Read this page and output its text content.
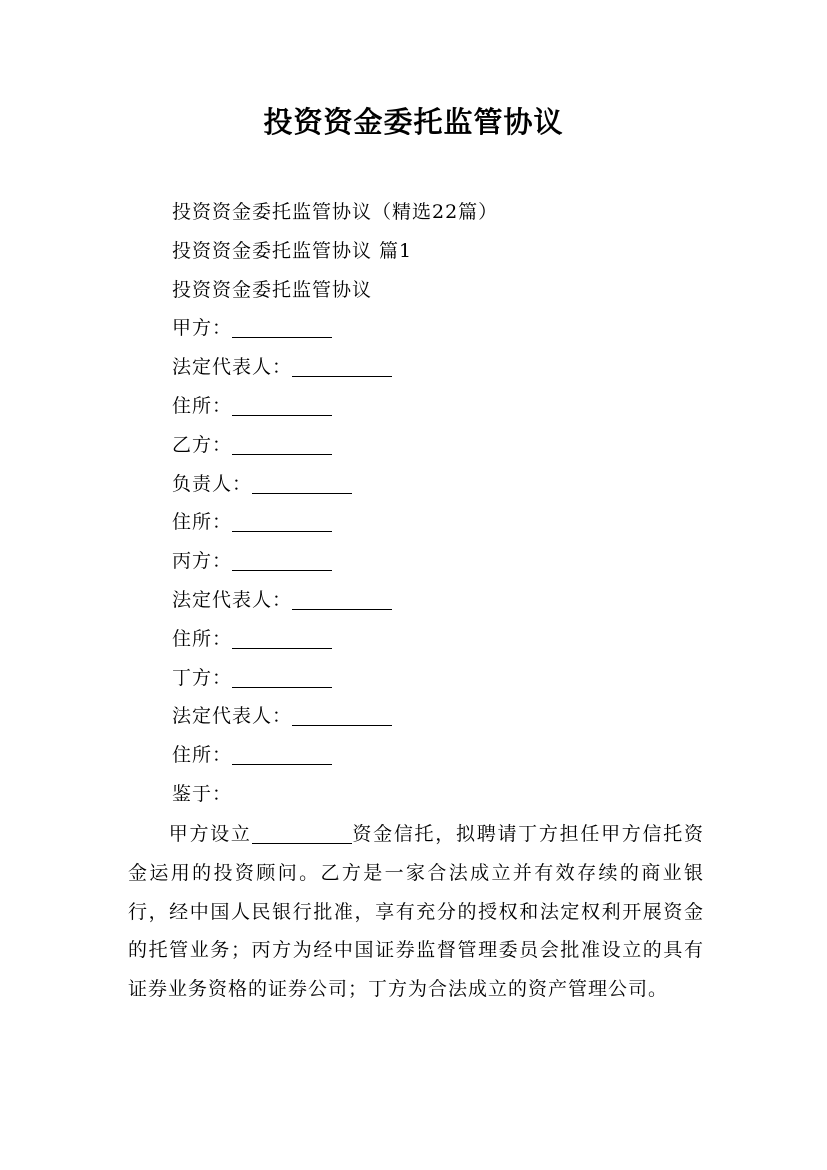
投资资金委托监管协议
投资资金委托监管协议（精选22篇）
投资资金委托监管协议 篇1
投资资金委托监管协议
甲方：
法定代表人：
住所：
乙方：
负责人：
住所：
丙方：
法定代表人：
住所：
丁方：
法定代表人：
住所：
鉴于：
甲方设立	资金信托，拟聘请丁方担任甲方信托资金运用的投资顾问。乙方是一家合法成立并有效存续的商业银行，经中国人民银行批准，享有充分的授权和法定权利开展资金的托管业务；丙方为经中国证券监督管理委员会批准设立的具有证券业务资格的证券公司；丁方为合法成立的资产管理公司。
